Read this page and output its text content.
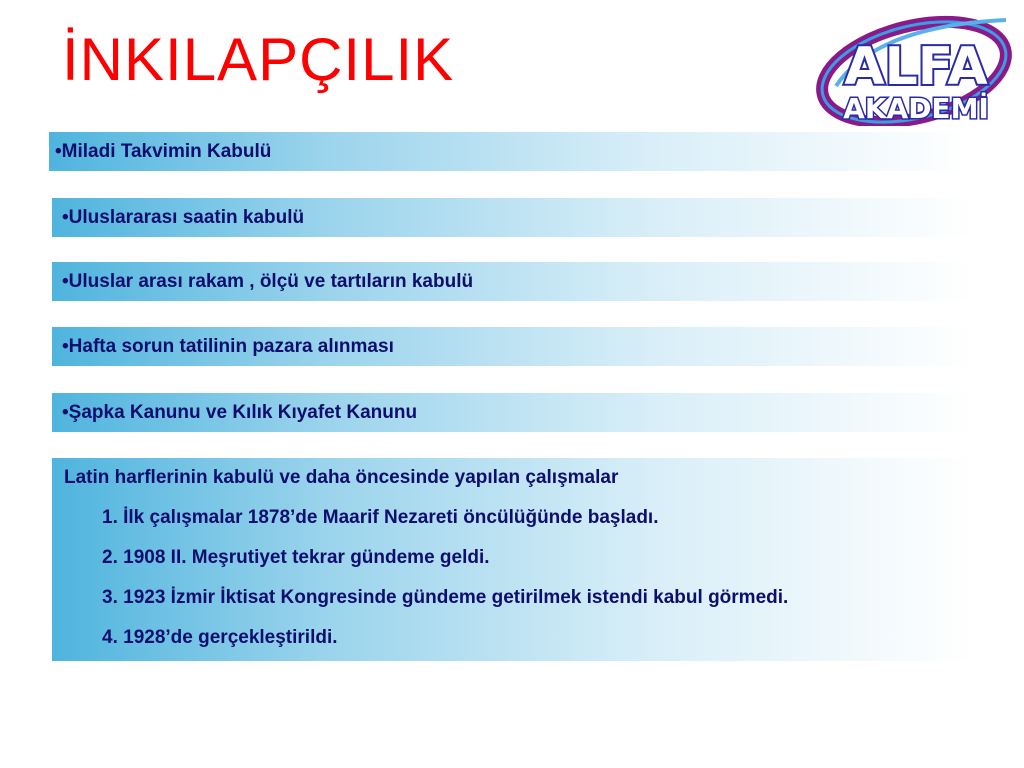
İNKILAPÇILIK	ALFA
AKADEMİ
•Miladi Takvimin Kabulü
•Uluslararası saatin kabulü
•Uluslar arası rakam , ölçü ve tartıların kabulü
•Hafta sorun tatilinin pazara alınması
•Şapka Kanunu ve Kılık Kıyafet Kanunu
Latin harflerinin kabulü ve daha öncesinde yapılan çalışmalar
1. İlk çalışmalar 1878’de Maarif Nezareti öncülüğünde başladı.
2. 1908 II. Meşrutiyet tekrar gündeme geldi.
3. 1923 İzmir İktisat Kongresinde gündeme getirilmek istendi kabul görmedi.
4. 1928’de gerçekleştirildi.
